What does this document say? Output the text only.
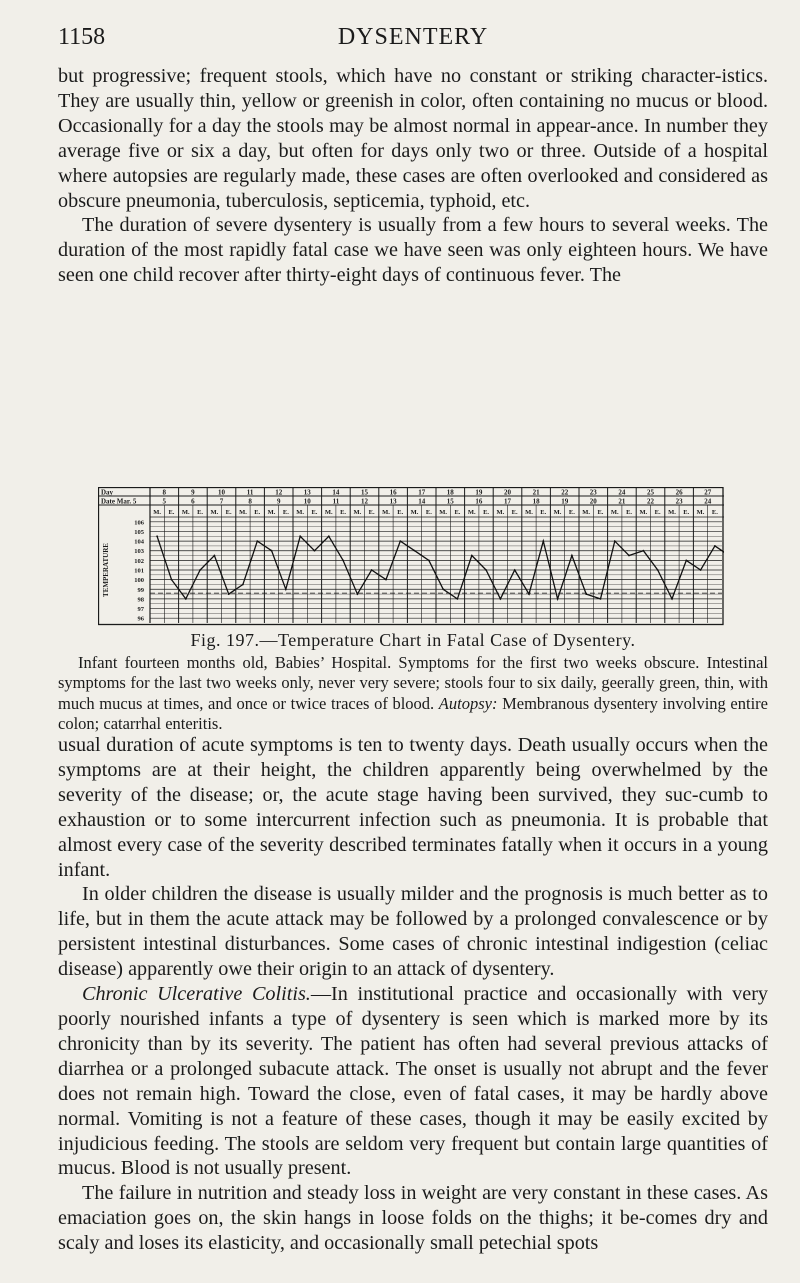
1158	DYSENTERY

but progressive; frequent stools, which have no constant or striking character-istics. They are usually thin, yellow or greenish in color, often containing no mucus or blood. Occasionally for a day the stools may be almost normal in appear-ance. In number they average five or six a day, but often for days only two or three. Outside of a hospital where autopsies are regularly made, these cases are often overlooked and considered as obscure pneumonia, tuberculosis, septicemia, typhoid, etc.

The duration of severe dysentery is usually from a few hours to several weeks. The duration of the most rapidly fatal case we have seen was only eighteen hours. We have seen one child recover after thirty-eight days of continuous fever. The

Day
Date Mar. 5
8
5
9
6
10
7
11
8
12
9
13
10
14
11
15
12
16
13
17
14
18
15
19
16
20
17
21
18
22
19
23
20
24
21
25
22
26
23
27
24
M. E. M. E. M. E. M. E. M. E. M. E. M. E. M. E. M. E. M. E. M. E. M. E. M. E. M. E. M. E. M. E. M. E. M. E. M. E. M. E.
106
105
104
103
102
101
100
99
98
97
96
TEMPERATURE
Fig. 197.—Temperature Chart in Fatal Case of Dysentery.
Infant fourteen months old, Babies’ Hospital. Symptoms for the first two weeks obscure. Intestinal symptoms for the last two weeks only, never very severe; stools four to six daily, geerally green, thin, with much mucus at times, and once or twice traces of blood. Autopsy: Membranous dysentery involving entire colon; catarrhal enteritis.

usual duration of acute symptoms is ten to twenty days. Death usually occurs when the symptoms are at their height, the children apparently being overwhelmed by the severity of the disease; or, the acute stage having been survived, they suc-cumb to exhaustion or to some intercurrent infection such as pneumonia. It is probable that almost every case of the severity described terminates fatally when it occurs in a young infant.

In older children the disease is usually milder and the prognosis is much better as to life, but in them the acute attack may be followed by a prolonged convalescence or by persistent intestinal disturbances. Some cases of chronic intestinal indigestion (celiac disease) apparently owe their origin to an attack of dysentery.

Chronic Ulcerative Colitis.—In institutional practice and occasionally with very poorly nourished infants a type of dysentery is seen which is marked more by its chronicity than by its severity. The patient has often had several previous attacks of diarrhea or a prolonged subacute attack. The onset is usually not abrupt and the fever does not remain high. Toward the close, even of fatal cases, it may be hardly above normal. Vomiting is not a feature of these cases, though it may be easily excited by injudicious feeding. The stools are seldom very frequent but contain large quantities of mucus. Blood is not usually present.

The failure in nutrition and steady loss in weight are very constant in these cases. As emaciation goes on, the skin hangs in loose folds on the thighs; it be-comes dry and scaly and loses its elasticity, and occasionally small petechial spots
